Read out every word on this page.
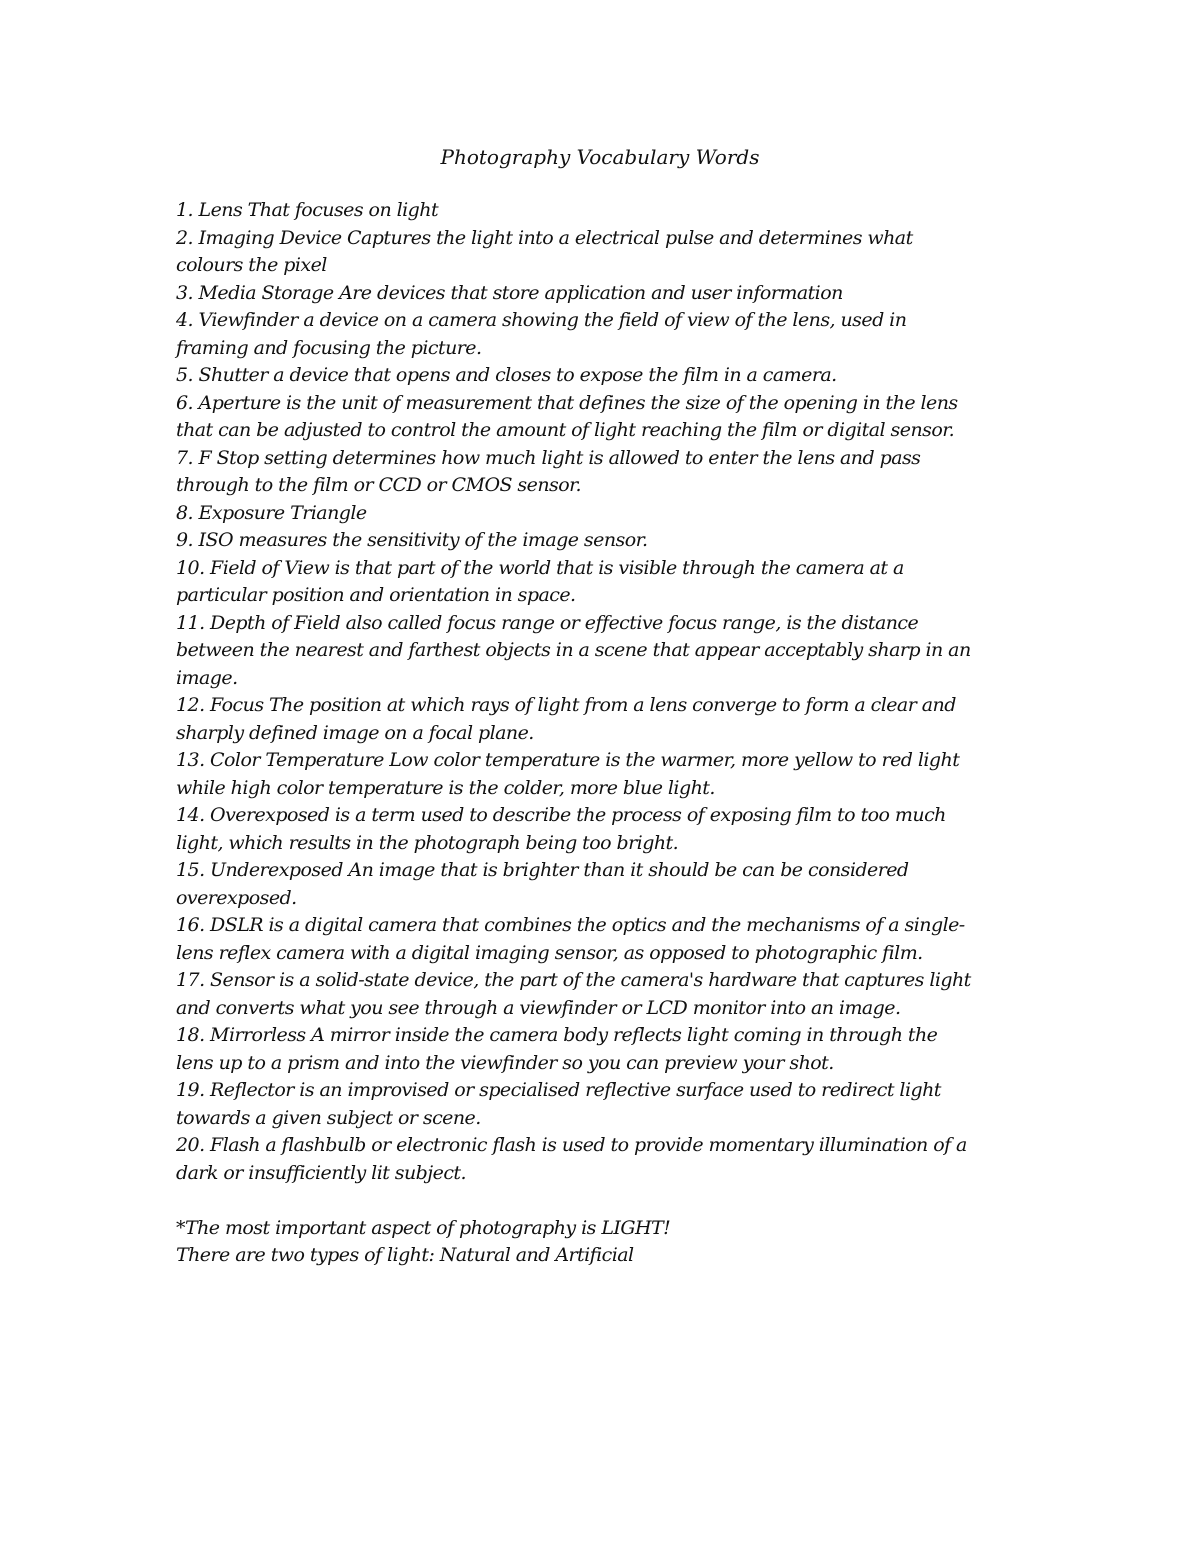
Photography Vocabulary Words
1. Lens That focuses on light
2. Imaging Device Captures the light into a electrical pulse and determines what
colours the pixel
3. Media Storage Are devices that store application and user information
4. Viewfinder a device on a camera showing the field of view of the lens, used in
framing and focusing the picture.
5. Shutter a device that opens and closes to expose the film in a camera.
6. Aperture is the unit of measurement that defines the size of the opening in the lens
that can be adjusted to control the amount of light reaching the film or digital sensor.
7. F Stop setting determines how much light is allowed to enter the lens and pass
through to the film or CCD or CMOS sensor.
8. Exposure Triangle
9. ISO measures the sensitivity of the image sensor.
10. Field of View is that part of the world that is visible through the camera at a
particular position and orientation in space.
11. Depth of Field also called focus range or effective focus range, is the distance
between the nearest and farthest objects in a scene that appear acceptably sharp in an
image.
12. Focus The position at which rays of light from a lens converge to form a clear and
sharply defined image on a focal plane.
13. Color Temperature Low color temperature is the warmer, more yellow to red light
while high color temperature is the colder, more blue light.
14. Overexposed is a term used to describe the process of exposing film to too much
light, which results in the photograph being too bright.
15. Underexposed An image that is brighter than it should be can be considered
overexposed.
16. DSLR is a digital camera that combines the optics and the mechanisms of a single-
lens reflex camera with a digital imaging sensor, as opposed to photographic film.
17. Sensor is a solid-state device, the part of the camera's hardware that captures light
and converts what you see through a viewfinder or LCD monitor into an image.
18. Mirrorless A mirror inside the camera body reflects light coming in through the
lens up to a prism and into the viewfinder so you can preview your shot.
19. Reflector is an improvised or specialised reflective surface used to redirect light
towards a given subject or scene.
20. Flash a flashbulb or electronic flash is used to provide momentary illumination of a
dark or insufficiently lit subject.
*The most important aspect of photography is LIGHT!
There are two types of light: Natural and Artificial
